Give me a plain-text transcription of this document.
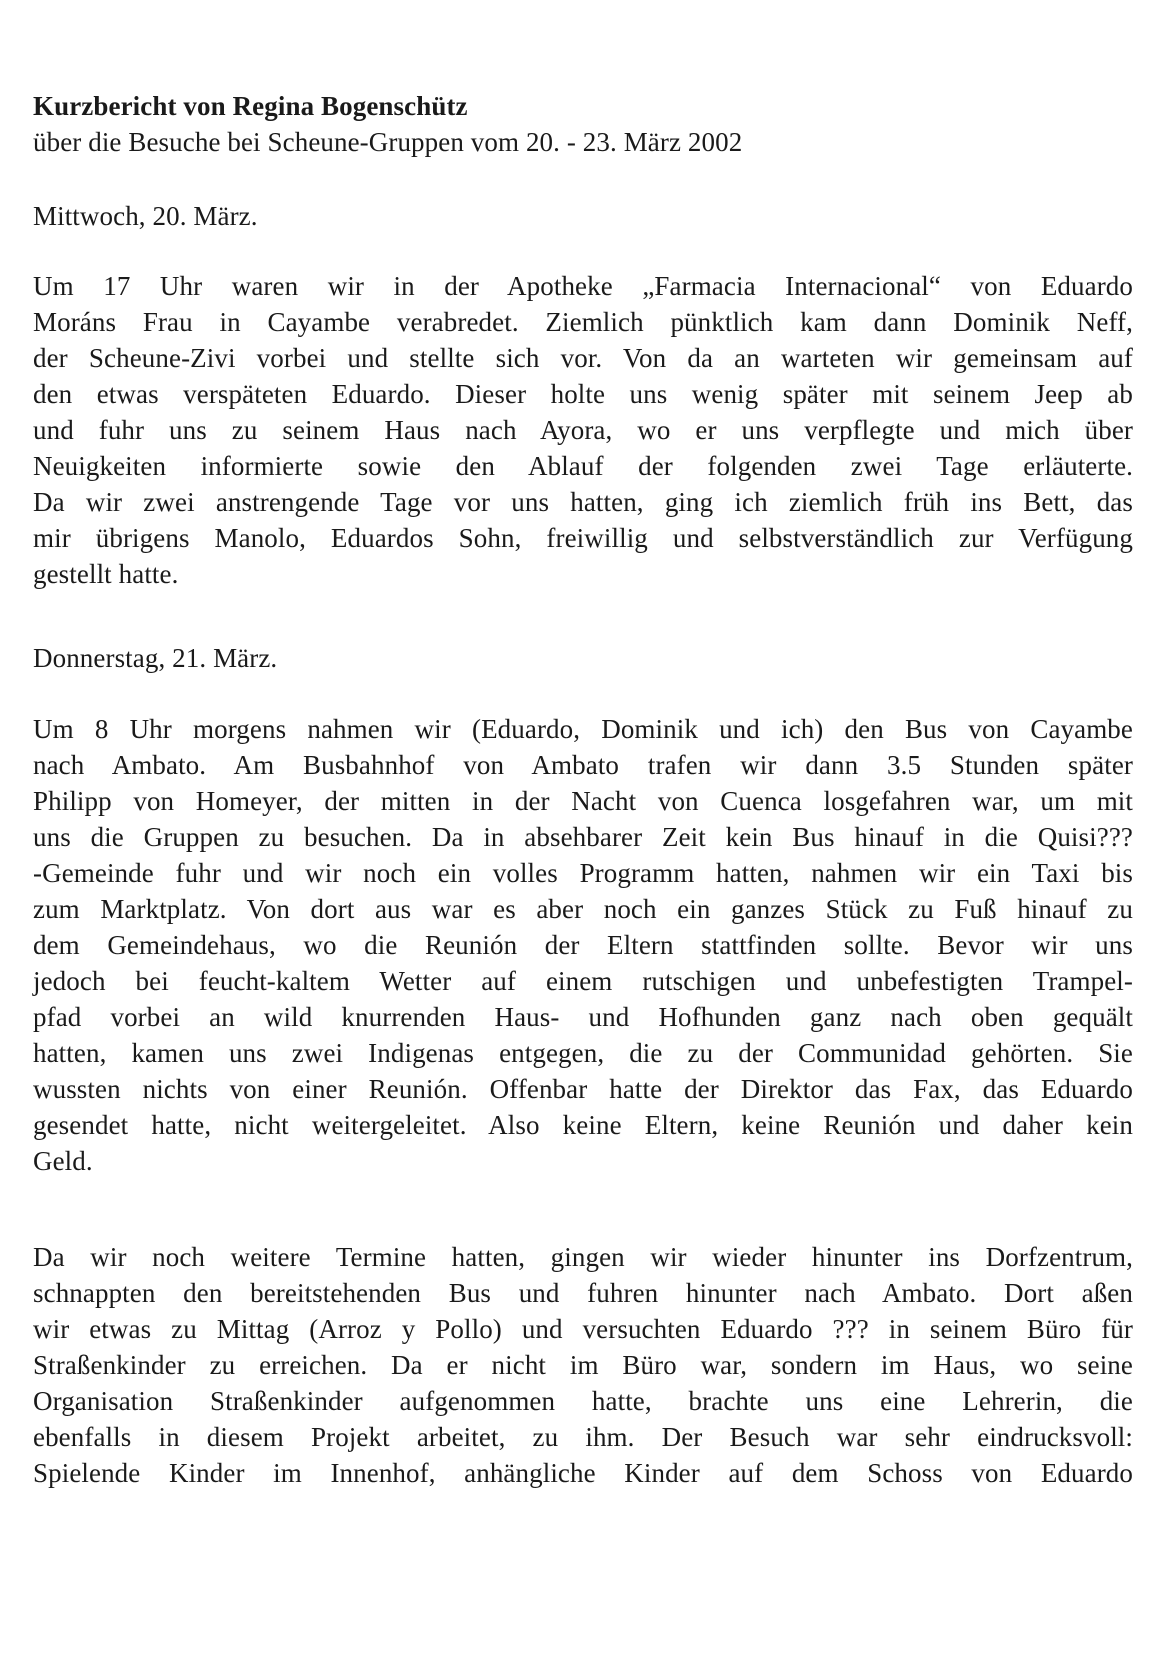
Kurzbericht von Regina Bogenschütz
über die Besuche bei Scheune-Gruppen vom 20. - 23. März 2002
Mittwoch, 20. März.
Um 17 Uhr waren wir in der Apotheke „Farmacia Internacional“ von Eduardo
Moráns Frau in Cayambe verabredet. Ziemlich pünktlich kam dann Dominik Neff,
der Scheune-Zivi vorbei und stellte sich vor. Von da an warteten wir gemeinsam auf
den etwas verspäteten Eduardo. Dieser holte uns wenig später mit seinem Jeep ab
und fuhr uns zu seinem Haus nach Ayora, wo er uns verpflegte und mich über
Neuigkeiten informierte sowie den Ablauf der folgenden zwei Tage erläuterte.
Da wir zwei anstrengende Tage vor uns hatten, ging ich ziemlich früh ins Bett, das
mir übrigens Manolo, Eduardos Sohn, freiwillig und selbstverständlich zur Verfügung
gestellt hatte.
Donnerstag, 21. März.
Um 8 Uhr morgens nahmen wir (Eduardo, Dominik und ich) den Bus von Cayambe
nach Ambato. Am Busbahnhof von Ambato trafen wir dann 3.5 Stunden später
Philipp von Homeyer, der mitten in der Nacht von Cuenca losgefahren war, um mit
uns die Gruppen zu besuchen. Da in absehbarer Zeit kein Bus hinauf in die Quisi???
-Gemeinde fuhr und wir noch ein volles Programm hatten, nahmen wir ein Taxi bis
zum Marktplatz. Von dort aus war es aber noch ein ganzes Stück zu Fuß hinauf zu
dem Gemeindehaus, wo die Reunión der Eltern stattfinden sollte. Bevor wir uns
jedoch bei feucht-kaltem Wetter auf einem rutschigen und unbefestigten Trampel-
pfad vorbei an wild knurrenden Haus- und Hofhunden ganz nach oben gequält
hatten, kamen uns zwei Indigenas entgegen, die zu der Communidad gehörten. Sie
wussten nichts von einer Reunión. Offenbar hatte der Direktor das Fax, das Eduardo
gesendet hatte, nicht weitergeleitet. Also keine Eltern, keine Reunión und daher kein
Geld.
Da wir noch weitere Termine hatten, gingen wir wieder hinunter ins Dorfzentrum,
schnappten den bereitstehenden Bus und fuhren hinunter nach Ambato. Dort aßen
wir etwas zu Mittag (Arroz y Pollo) und versuchten Eduardo ??? in seinem Büro für
Straßenkinder zu erreichen. Da er nicht im Büro war, sondern im Haus, wo seine
Organisation Straßenkinder aufgenommen hatte, brachte uns eine Lehrerin, die
ebenfalls in diesem Projekt arbeitet, zu ihm. Der Besuch war sehr eindrucksvoll:
Spielende Kinder im Innenhof, anhängliche Kinder auf dem Schoss von Eduardo
